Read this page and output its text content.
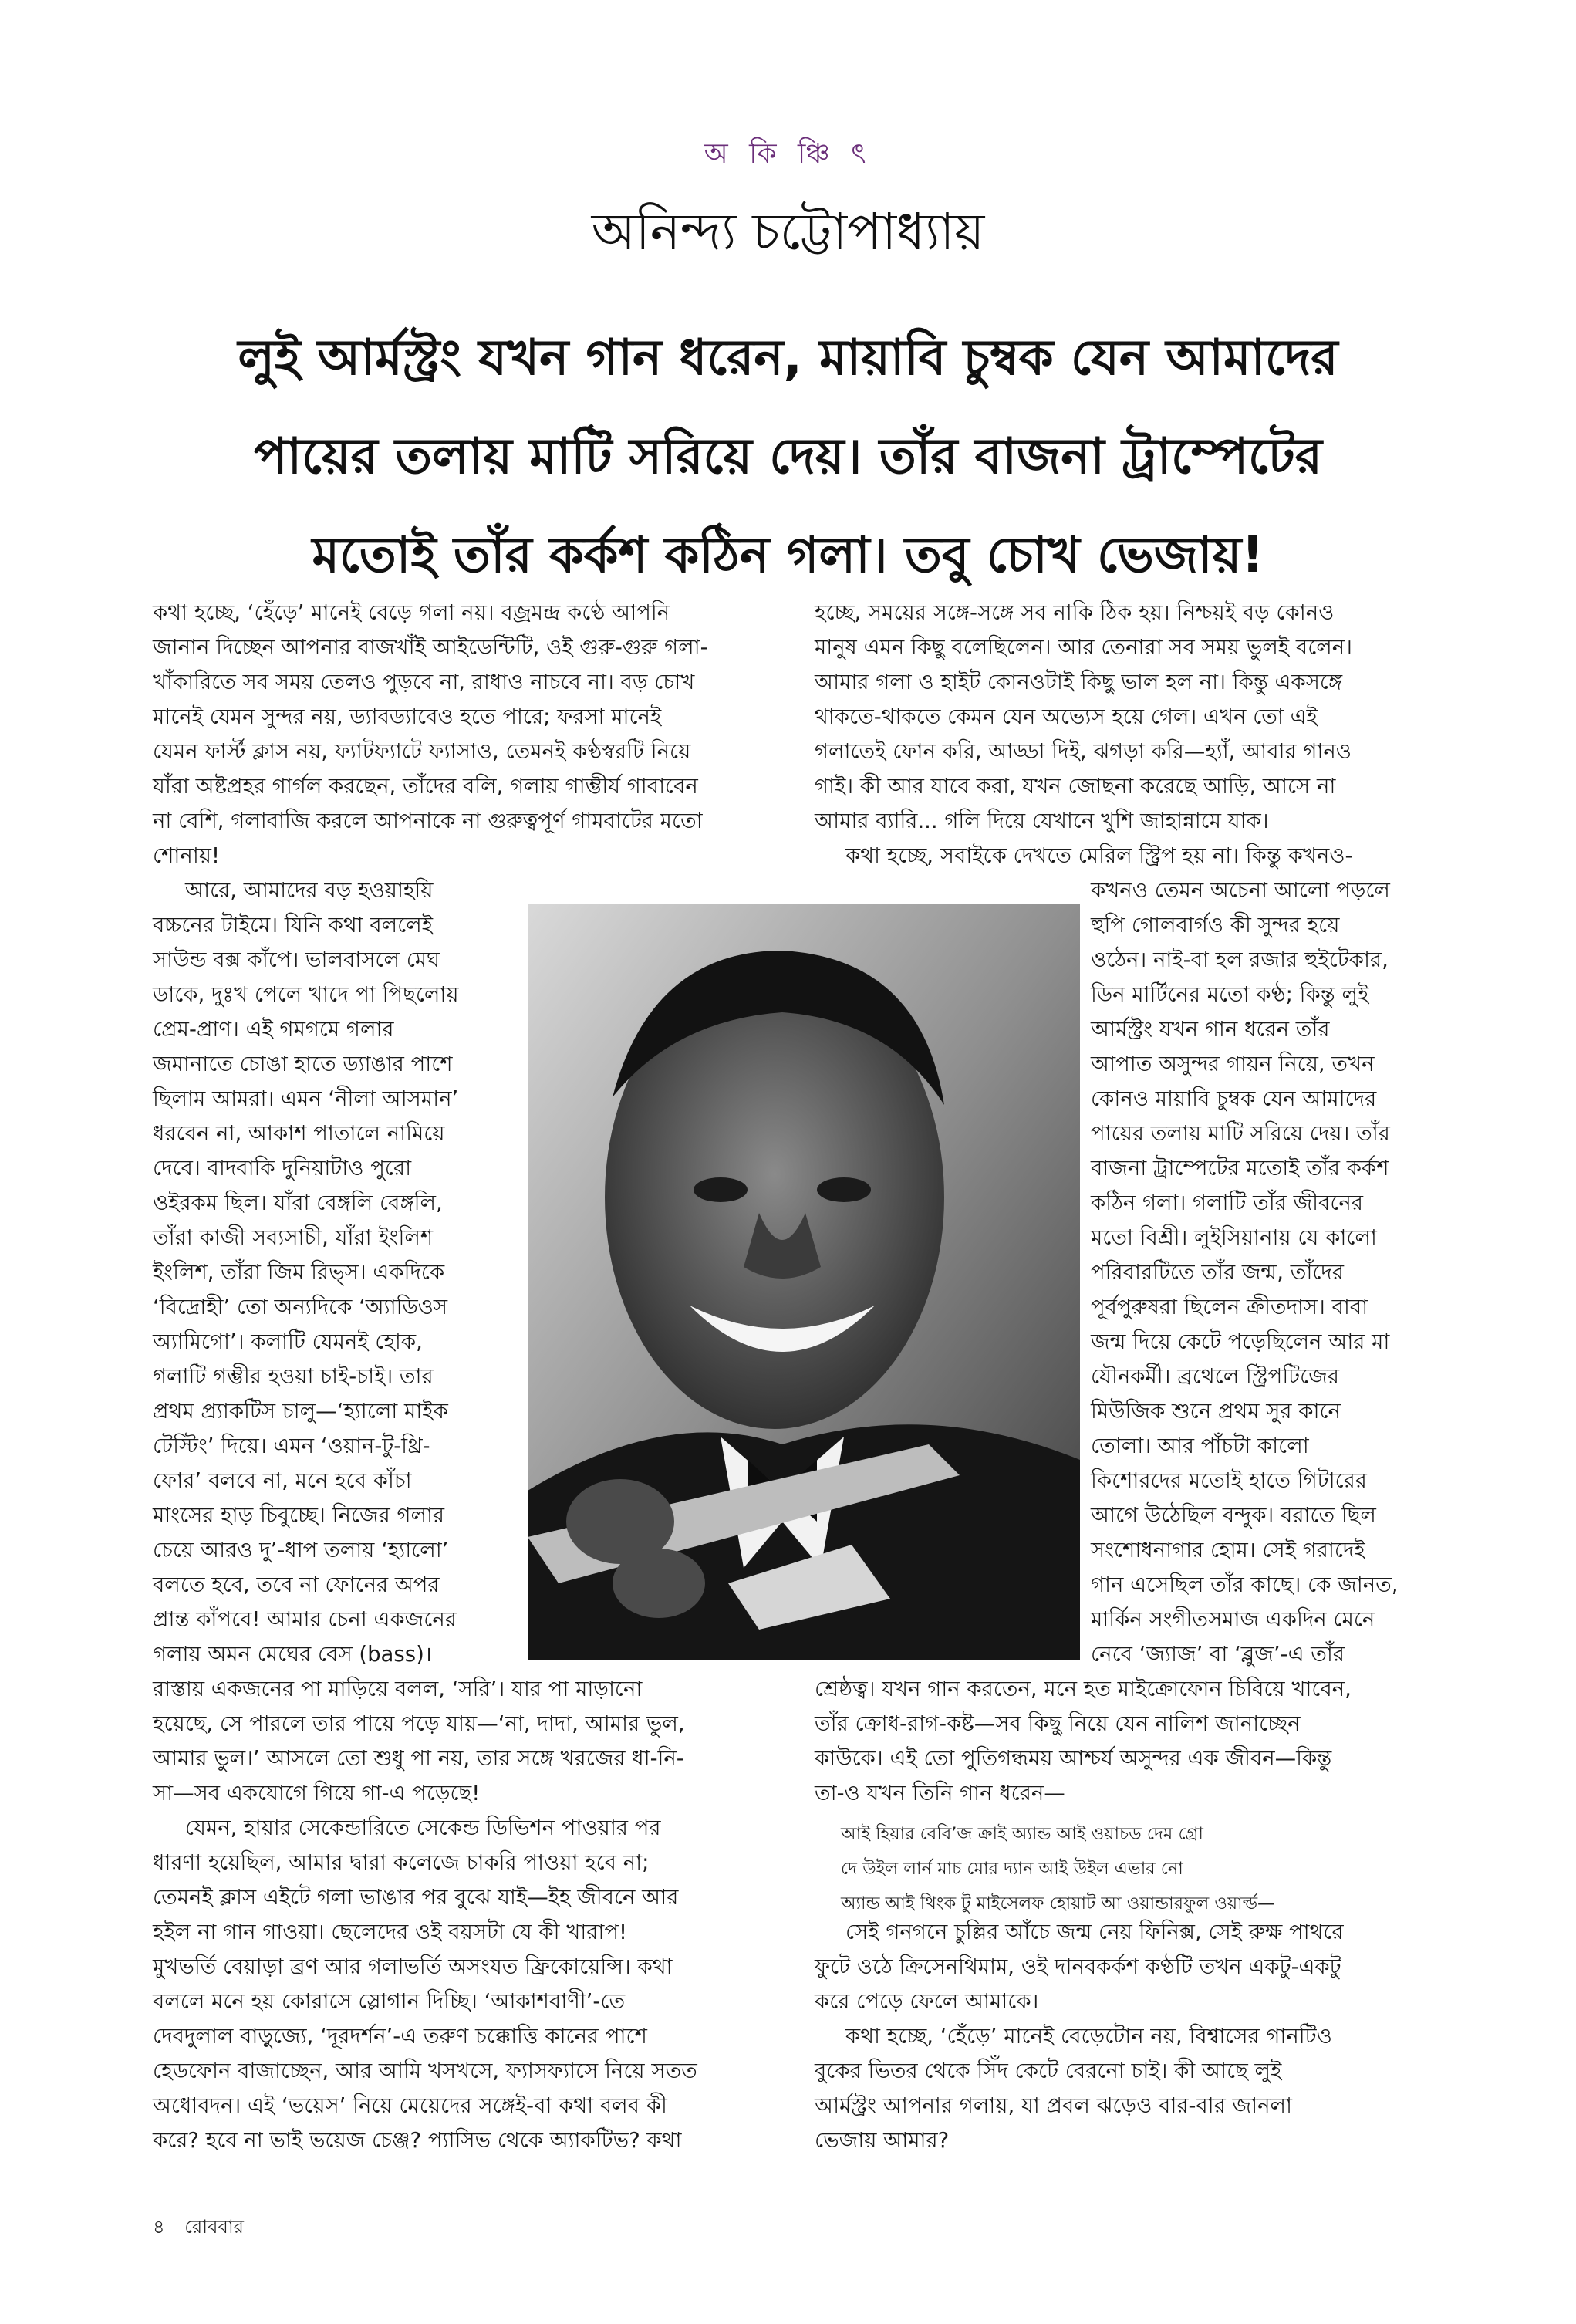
অ কি ঞ্চি ৎ
অনিন্দ্য চট্টোপাধ্যায়
লুই আর্মস্ট্রং যখন গান ধরেন, মায়াবি চুম্বক যেন আমাদের
পায়ের তলায় মাটি সরিয়ে দেয়। তাঁর বাজনা ট্রাম্পেটের
মতোই তাঁর কর্কশ কঠিন গলা। তবু চোখ ভেজায়!
কথা হচ্ছে, ‘হেঁড়ে’ মানেই বেড়ে গলা নয়। বজ্রমন্দ্র কণ্ঠে আপনি
জানান দিচ্ছেন আপনার বাজখাঁই আইডেন্টিটি, ওই গুরু-গুরু গলা-
খাঁকারিতে সব সময় তেলও পুড়বে না, রাধাও নাচবে না। বড় চোখ
মানেই যেমন সুন্দর নয়, ড্যাবড্যাবেও হতে পারে; ফরসা মানেই
যেমন ফার্স্ট ক্লাস নয়, ফ্যাটফ্যাটে ফ্যাসাও, তেমনই কণ্ঠস্বরটি নিয়ে
যাঁরা অষ্টপ্রহর গার্গল করছেন, তাঁদের বলি, গলায় গাম্ভীর্য গাবাবেন
না বেশি, গলাবাজি করলে আপনাকে না গুরুত্বপূর্ণ গামবাটের মতো
শোনায়!
আরে, আমাদের বড় হওয়াহয়ি
বচ্চনের টাইমে। যিনি কথা বললেই
সাউন্ড বক্স কাঁপে। ভালবাসলে মেঘ
ডাকে, দুঃখ পেলে খাদে পা পিছলোয়
প্রেম-প্রাণ। এই গমগমে গলার
জমানাতে চোঙা হাতে ড্যাঙার পাশে
ছিলাম আমরা। এমন ‘নীলা আসমান’
ধরবেন না, আকাশ পাতালে নামিয়ে
দেবে। বাদবাকি দুনিয়াটাও পুরো
ওইরকম ছিল। যাঁরা বেঙ্গলি বেঙ্গলি,
তাঁরা কাজী সব্যসাচী, যাঁরা ইংলিশ
ইংলিশ, তাঁরা জিম রিভ্স। একদিকে
‘বিদ্রোহী’ তো অন্যদিকে ‘অ্যাডিওস
অ্যামিগো’। কলাটি যেমনই হোক,
গলাটি গম্ভীর হওয়া চাই-চাই। তার
প্রথম প্র্যাকটিস চালু—‘হ্যালো মাইক
টেস্টিং’ দিয়ে। এমন ‘ওয়ান-টু-থ্রি-
ফোর’ বলবে না, মনে হবে কাঁচা
মাংসের হাড় চিবুচ্ছে। নিজের গলার
চেয়ে আরও দু’-ধাপ তলায় ‘হ্যালো’
বলতে হবে, তবে না ফোনের অপর
প্রান্ত কাঁপবে! আমার চেনা একজনের
গলায় অমন মেঘের বেস (bass)।
রাস্তায় একজনের পা মাড়িয়ে বলল, ‘সরি’। যার পা মাড়ানো
হয়েছে, সে পারলে তার পায়ে পড়ে যায়—‘না, দাদা, আমার ভুল,
আমার ভুল।’ আসলে তো শুধু পা নয়, তার সঙ্গে খরজের ধা-নি-
সা—সব একযোগে গিয়ে গা-এ পড়েছে!
যেমন, হায়ার সেকেন্ডারিতে সেকেন্ড ডিভিশন পাওয়ার পর
ধারণা হয়েছিল, আমার দ্বারা কলেজে চাকরি পাওয়া হবে না;
তেমনই ক্লাস এইটে গলা ভাঙার পর বুঝে যাই—ইহ জীবনে আর
হইল না গান গাওয়া। ছেলেদের ওই বয়সটা যে কী খারাপ!
মুখভর্তি বেয়াড়া ব্রণ আর গলাভর্তি অসংযত ফ্রিকোয়েন্সি। কথা
বললে মনে হয় কোরাসে স্লোগান দিচ্ছি। ‘আকাশবাণী’-তে
দেবদুলাল বাড়ুজ্যে, ‘দূরদর্শন’-এ তরুণ চক্কোত্তি কানের পাশে
হেডফোন বাজাচ্ছেন, আর আমি খসখসে, ফ্যাসফ্যাসে নিয়ে সতত
অধোবদন। এই ‘ভয়েস’ নিয়ে মেয়েদের সঙ্গেই-বা কথা বলব কী
করে? হবে না ভাই ভয়েজ চেঞ্জ? প্যাসিভ থেকে অ্যাকটিভ? কথা
হচ্ছে, সময়ের সঙ্গে-সঙ্গে সব নাকি ঠিক হয়। নিশ্চয়ই বড় কোনও
মানুষ এমন কিছু বলেছিলেন। আর তেনারা সব সময় ভুলই বলেন।
আমার গলা ও হাইট কোনওটাই কিছু ভাল হল না। কিন্তু একসঙ্গে
থাকতে-থাকতে কেমন যেন অভ্যেস হয়ে গেল। এখন তো এই
গলাতেই ফোন করি, আড্ডা দিই, ঝগড়া করি—হ্যাঁ, আবার গানও
গাই। কী আর যাবে করা, যখন জোছনা করেছে আড়ি, আসে না
আমার ব্যারি... গলি দিয়ে যেখানে খুশি জাহান্নামে যাক।
কথা হচ্ছে, সবাইকে দেখতে মেরিল স্ট্রিপ হয় না। কিন্তু কখনও-
কখনও তেমন অচেনা আলো পড়লে
হুপি গোলবার্গও কী সুন্দর হয়ে
ওঠেন। নাই-বা হল রজার হুইটেকার,
ডিন মার্টিনের মতো কণ্ঠ; কিন্তু লুই
আর্মস্ট্রং যখন গান ধরেন তাঁর
আপাত অসুন্দর গায়ন নিয়ে, তখন
কোনও মায়াবি চুম্বক যেন আমাদের
পায়ের তলায় মাটি সরিয়ে দেয়। তাঁর
বাজনা ট্রাম্পেটের মতোই তাঁর কর্কশ
কঠিন গলা। গলাটি তাঁর জীবনের
মতো বিশ্রী। লুইসিয়ানায় যে কালো
পরিবারটিতে তাঁর জন্ম, তাঁদের
পূর্বপুরুষরা ছিলেন ক্রীতদাস। বাবা
জন্ম দিয়ে কেটে পড়েছিলেন আর মা
যৌনকর্মী। ব্রথেলে স্ট্রিপটিজের
মিউজিক শুনে প্রথম সুর কানে
তোলা। আর পাঁচটা কালো
কিশোরদের মতোই হাতে গিটারের
আগে উঠেছিল বন্দুক। বরাতে ছিল
সংশোধনাগার হোম। সেই গরাদেই
গান এসেছিল তাঁর কাছে। কে জানত,
মার্কিন সংগীতসমাজ একদিন মেনে
নেবে ‘জ্যাজ’ বা ‘ব্লুজ’-এ তাঁর
শ্রেষ্ঠত্ব। যখন গান করতেন, মনে হত মাইক্রোফোন চিবিয়ে খাবেন,
তাঁর ক্রোধ-রাগ-কষ্ট—সব কিছু নিয়ে যেন নালিশ জানাচ্ছেন
কাউকে। এই তো পুতিগন্ধময় আশ্চর্য অসুন্দর এক জীবন—কিন্তু
তা-ও যখন তিনি গান ধরেন—
আই হিয়ার বেবি’জ ক্রাই অ্যান্ড আই ওয়াচড দেম গ্রো
দে উইল লার্ন মাচ মোর দ্যান আই উইল এভার নো
অ্যান্ড আই থিংক টু মাইসেলফ হোয়াট আ ওয়ান্ডারফুল ওয়ার্ল্ড—
সেই গনগনে চুল্লির আঁচে জন্ম নেয় ফিনিক্স, সেই রুক্ষ পাথরে
ফুটে ওঠে ক্রিসেনথিমাম, ওই দানবকর্কশ কণ্ঠটি তখন একটু-একটু
করে পেড়ে ফেলে আমাকে।
কথা হচ্ছে, ‘হেঁড়ে’ মানেই বেড়েটোন নয়, বিশ্বাসের গানটিও
বুকের ভিতর থেকে সিঁদ কেটে বেরনো চাই। কী আছে লুই
আর্মস্ট্রং আপনার গলায়, যা প্রবল ঝড়েও বার-বার জানলা
ভেজায় আমার?
৪ রোববার
